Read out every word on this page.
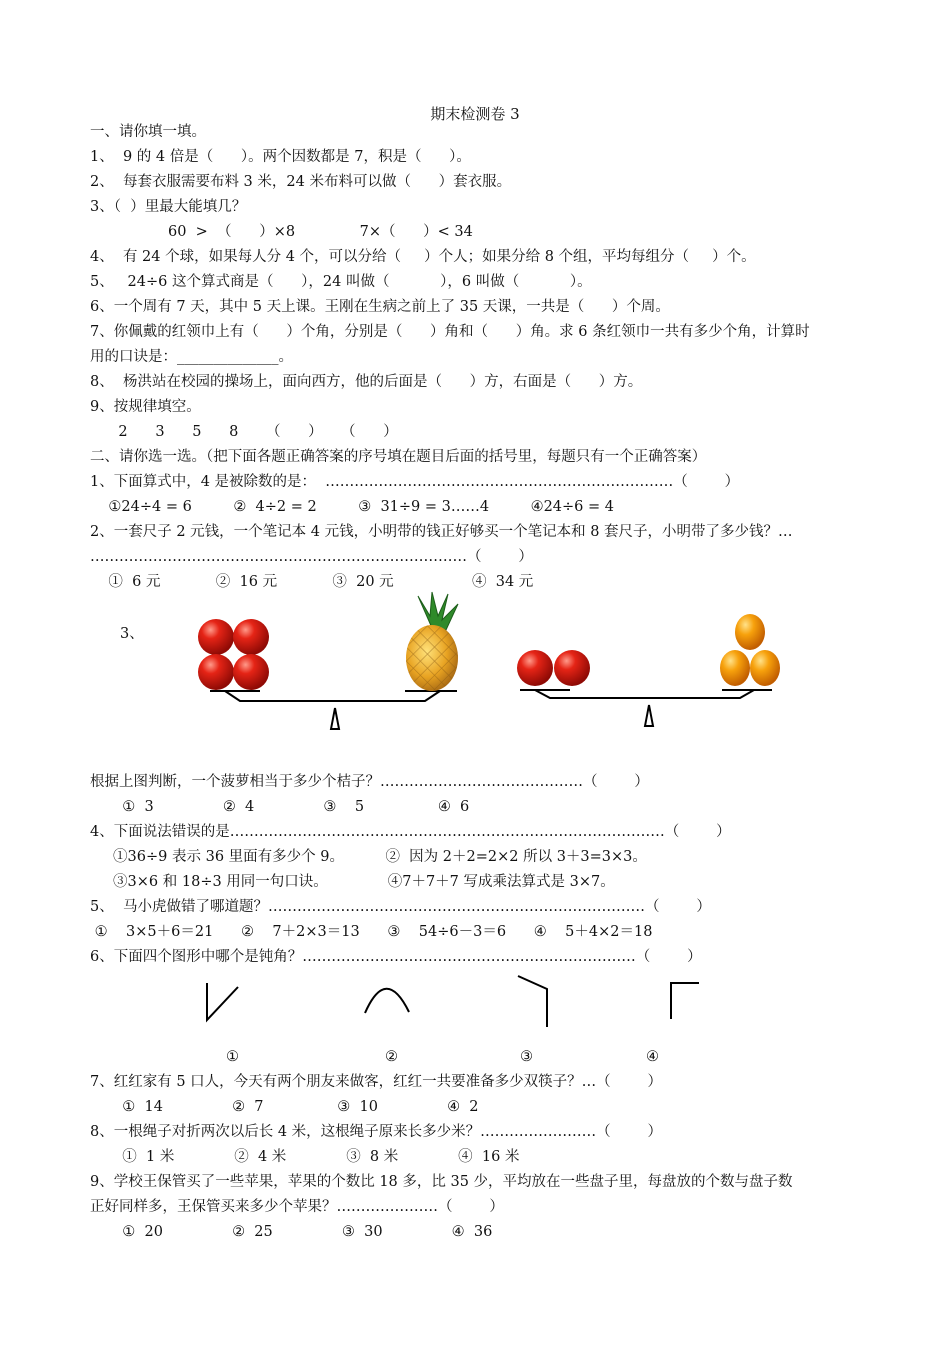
期末检测卷 3
一、请你填一填。
1、  9 的 4 倍是（      ）。两个因数都是 7，积是（      ）。
2、  每套衣服需要布料 3 米，24 米布料可以做（      ）套衣服。
3、（  ）里最大能填几？
60  >  （      ）×8              7×（      ）< 34
4、  有 24 个球，如果每人分 4 个，可以分给（     ）个人；如果分给 8 个组，平均每组分（     ）个。
5、   24÷6 这个算式商是（      ），24 叫做（           ），6 叫做（           ）。
6、一个周有 7 天，其中 5 天上课。王刚在生病之前上了 35 天课，一共是（      ）个周。
7、你佩戴的红领巾上有（      ）个角，分别是（      ）角和（      ）角。求 6 条红领巾一共有多少个角，计算时
用的口诀是：______________。
8、  杨洪站在校园的操场上，面向西方，他的后面是（      ）方，右面是（      ）方。
9、按规律填空。
2      3      5      8      （      ）    （      ）
二、请你选一选。（把下面各题正确答案的序号填在题目后面的括号里，每题只有一个正确答案）
1、下面算式中，4 是被除数的是：  ………………………………………………………………（        ）
①24÷4 = 6         ②  4÷2 = 2         ③  31÷9 = 3……4         ④24÷6 = 4
2、一套尺子 2 元钱，一个笔记本 4 元钱，小明带的钱正好够买一个笔记本和 8 套尺子，小明带了多少钱？…
……………………………………………………………………（        ）
①  6 元            ②  16 元            ③  20 元                 ④  34 元
3、
根据上图判断，一个菠萝相当于多少个桔子？……………………………………（        ）
①  3               ②  4               ③    5                ④  6
4、下面说法错误的是………………………………………………………………………………（        ）
①36÷9 表示 36 里面有多少个 9。         ②  因为 2＋2=2×2 所以 3＋3=3×3。
③3×6 和 18÷3 用同一句口诀。             ④7＋7＋7 写成乘法算式是 3×7。
5、  马小虎做错了哪道题？……………………………………………………………………（        ）
①    3×5＋6＝21      ②    7＋2×3＝13      ③    54÷6－3＝6      ④    5＋4×2＝18
6、下面四个图形中哪个是钝角？……………………………………………………………（        ）
①	②	③	④
7、红红家有 5 口人，今天有两个朋友来做客，红红一共要准备多少双筷子？…（        ）
①  14               ②  7                ③  10               ④  2
8、一根绳子对折两次以后长 4 米，这根绳子原来长多少米？……………………（        ）
①  1 米             ②  4 米             ③  8 米             ④  16 米
9、学校王保管买了一些苹果，苹果的个数比 18 多，比 35 少，平均放在一些盘子里，每盘放的个数与盘子数
正好同样多，王保管买来多少个苹果？…………………（        ）
①  20               ②  25               ③  30               ④  36
